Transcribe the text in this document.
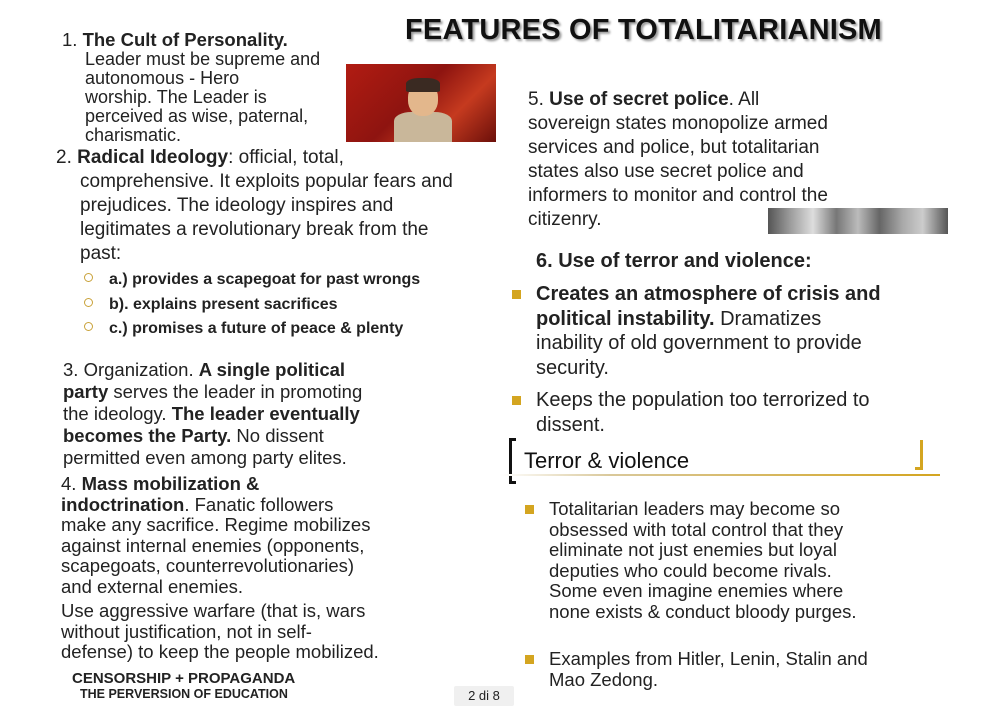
FEATURES OF TOTALITARIANISM
1. The Cult of Personality.
Leader must be supreme and
autonomous - Hero
worship. The Leader is
perceived as wise, paternal,
charismatic.
2. Radical Ideology: official, total,
comprehensive. It exploits popular fears and
prejudices. The ideology inspires and
legitimates a revolutionary break from the
past:
a.) provides a scapegoat for past wrongs
b). explains present sacrifices
c.) promises a future of peace & plenty
3. Organization. A single political
party serves the leader in promoting
the ideology. The leader eventually
becomes the Party. No dissent
permitted even among party elites.
4. Mass mobilization &
indoctrination. Fanatic followers
make any sacrifice. Regime mobilizes
against internal enemies (opponents,
scapegoats, counterrevolutionaries)
and external enemies.
Use aggressive warfare (that is, wars
without justification, not in self-
defense) to keep the people mobilized.
CENSORSHIP + PROPAGANDA
THE PERVERSION OF EDUCATION
5. Use of secret police. All
sovereign states monopolize armed
services and police, but totalitarian
states also use secret police and
informers to monitor and control the
citizenry.
6. Use of terror and violence:
Creates an atmosphere of crisis and
political instability. Dramatizes
inability of old government to provide
security.
Keeps the population too terrorized to
dissent.
Terror & violence
Totalitarian leaders may become so
obsessed with total control that they
eliminate not just enemies but loyal
deputies who could become rivals.
Some even imagine enemies where
none exists & conduct bloody purges.
Examples from Hitler, Lenin, Stalin and
Mao Zedong.
2 di 8
